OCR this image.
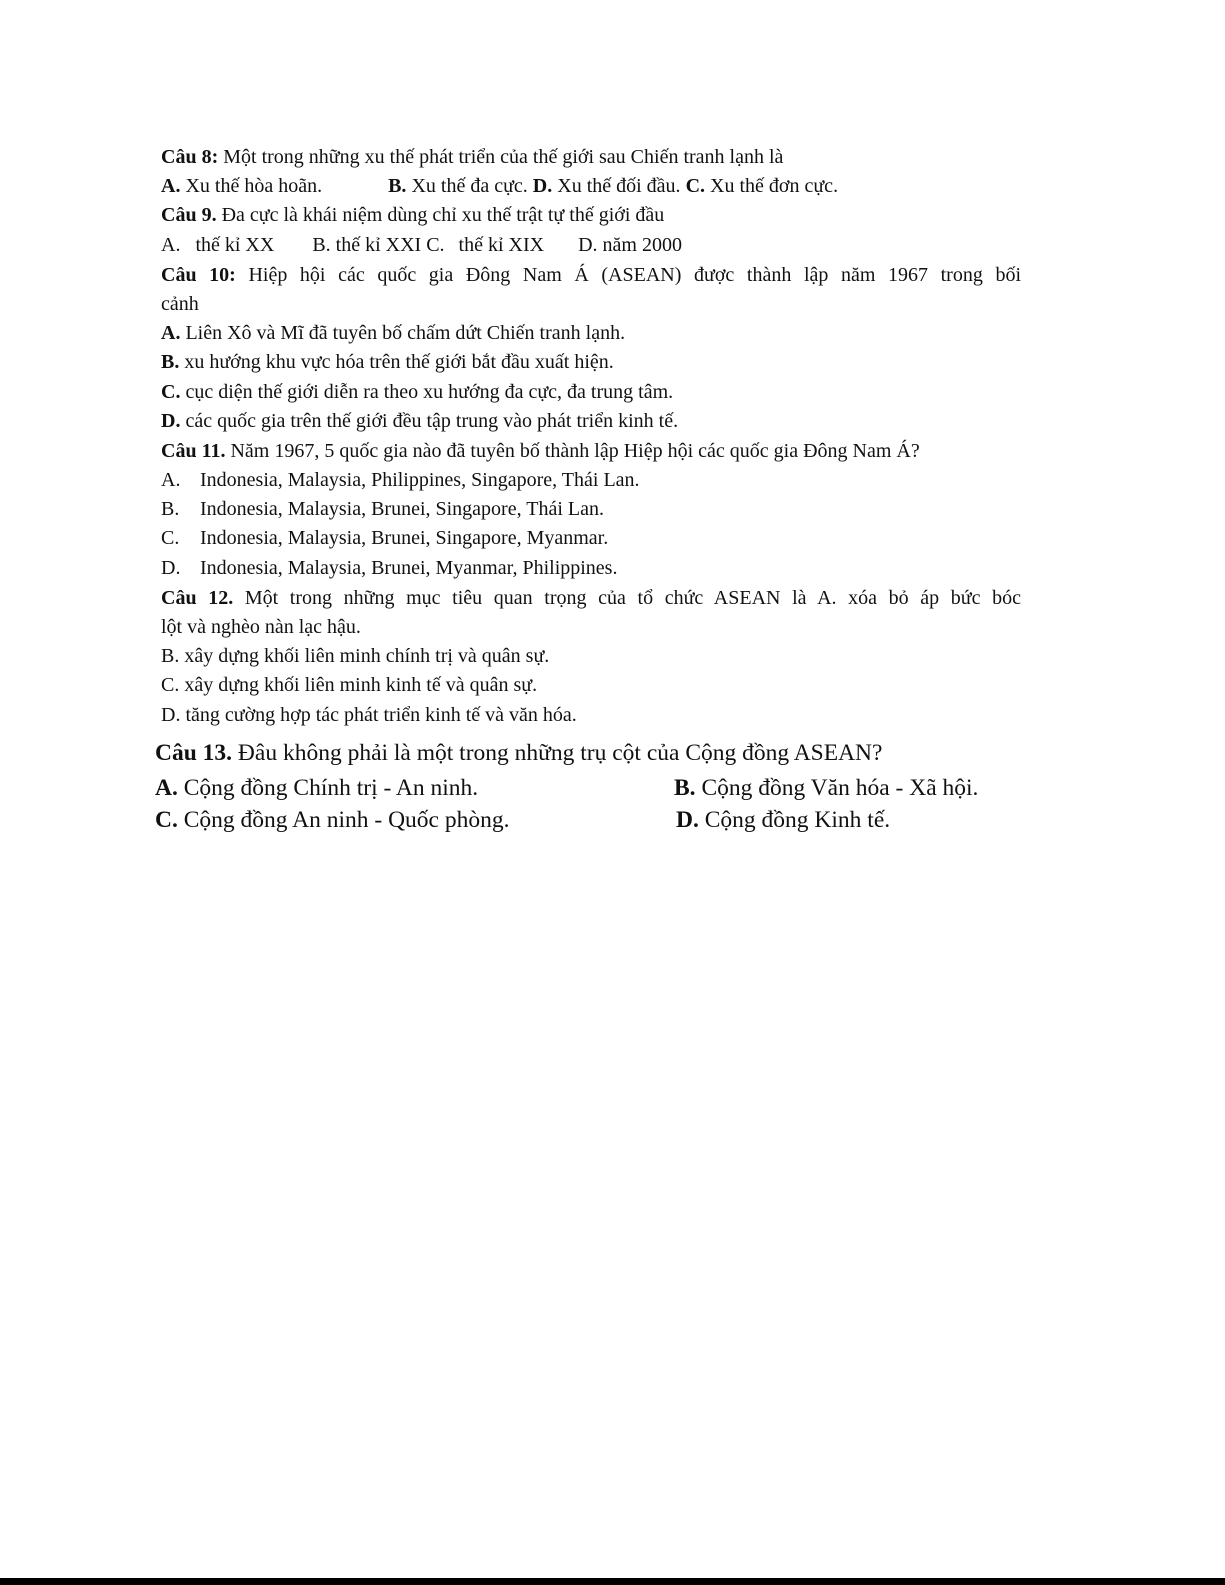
Câu 8: Một trong những xu thế phát triển của thế giới sau Chiến tranh lạnh là
A. Xu thế hòa hoãn.	B. Xu thế đa cực. D. Xu thế đối đầu. C. Xu thế đơn cực.
Câu 9. Đa cực là khái niệm dùng chỉ xu thế trật tự thế giới đầu
A.   thế kỉ XX B. thế kỉ XXI C. thế kỉ XIX D. năm 2000
Câu 10: Hiệp hội các quốc gia Đông Nam Á (ASEAN) được thành lập năm 1967 trong bối
cảnh
A. Liên Xô và Mĩ đã tuyên bố chấm dứt Chiến tranh lạnh.
B. xu hướng khu vực hóa trên thế giới bắt đầu xuất hiện.
C. cục diện thế giới diễn ra theo xu hướng đa cực, đa trung tâm.
D. các quốc gia trên thế giới đều tập trung vào phát triển kinh tế.
Câu 11. Năm 1967, 5 quốc gia nào đã tuyên bố thành lập Hiệp hội các quốc gia Đông Nam Á?
A. Indonesia, Malaysia, Philippines, Singapore, Thái Lan.
B. Indonesia, Malaysia, Brunei, Singapore, Thái Lan.
C. Indonesia, Malaysia, Brunei, Singapore, Myanmar.
D. Indonesia, Malaysia, Brunei, Myanmar, Philippines.
Câu 12. Một trong những mục tiêu quan trọng của tổ chức ASEAN là A. xóa bỏ áp bức bóc
lột và nghèo nàn lạc hậu.
B. xây dựng khối liên minh chính trị và quân sự.
C. xây dựng khối liên minh kinh tế và quân sự.
D. tăng cường hợp tác phát triển kinh tế và văn hóa.
Câu 13. Đâu không phải là một trong những trụ cột của Cộng đồng ASEAN?
A. Cộng đồng Chính trị - An ninh.	B. Cộng đồng Văn hóa - Xã hội.
C. Cộng đồng An ninh - Quốc phòng.	D. Cộng đồng Kinh tế.
